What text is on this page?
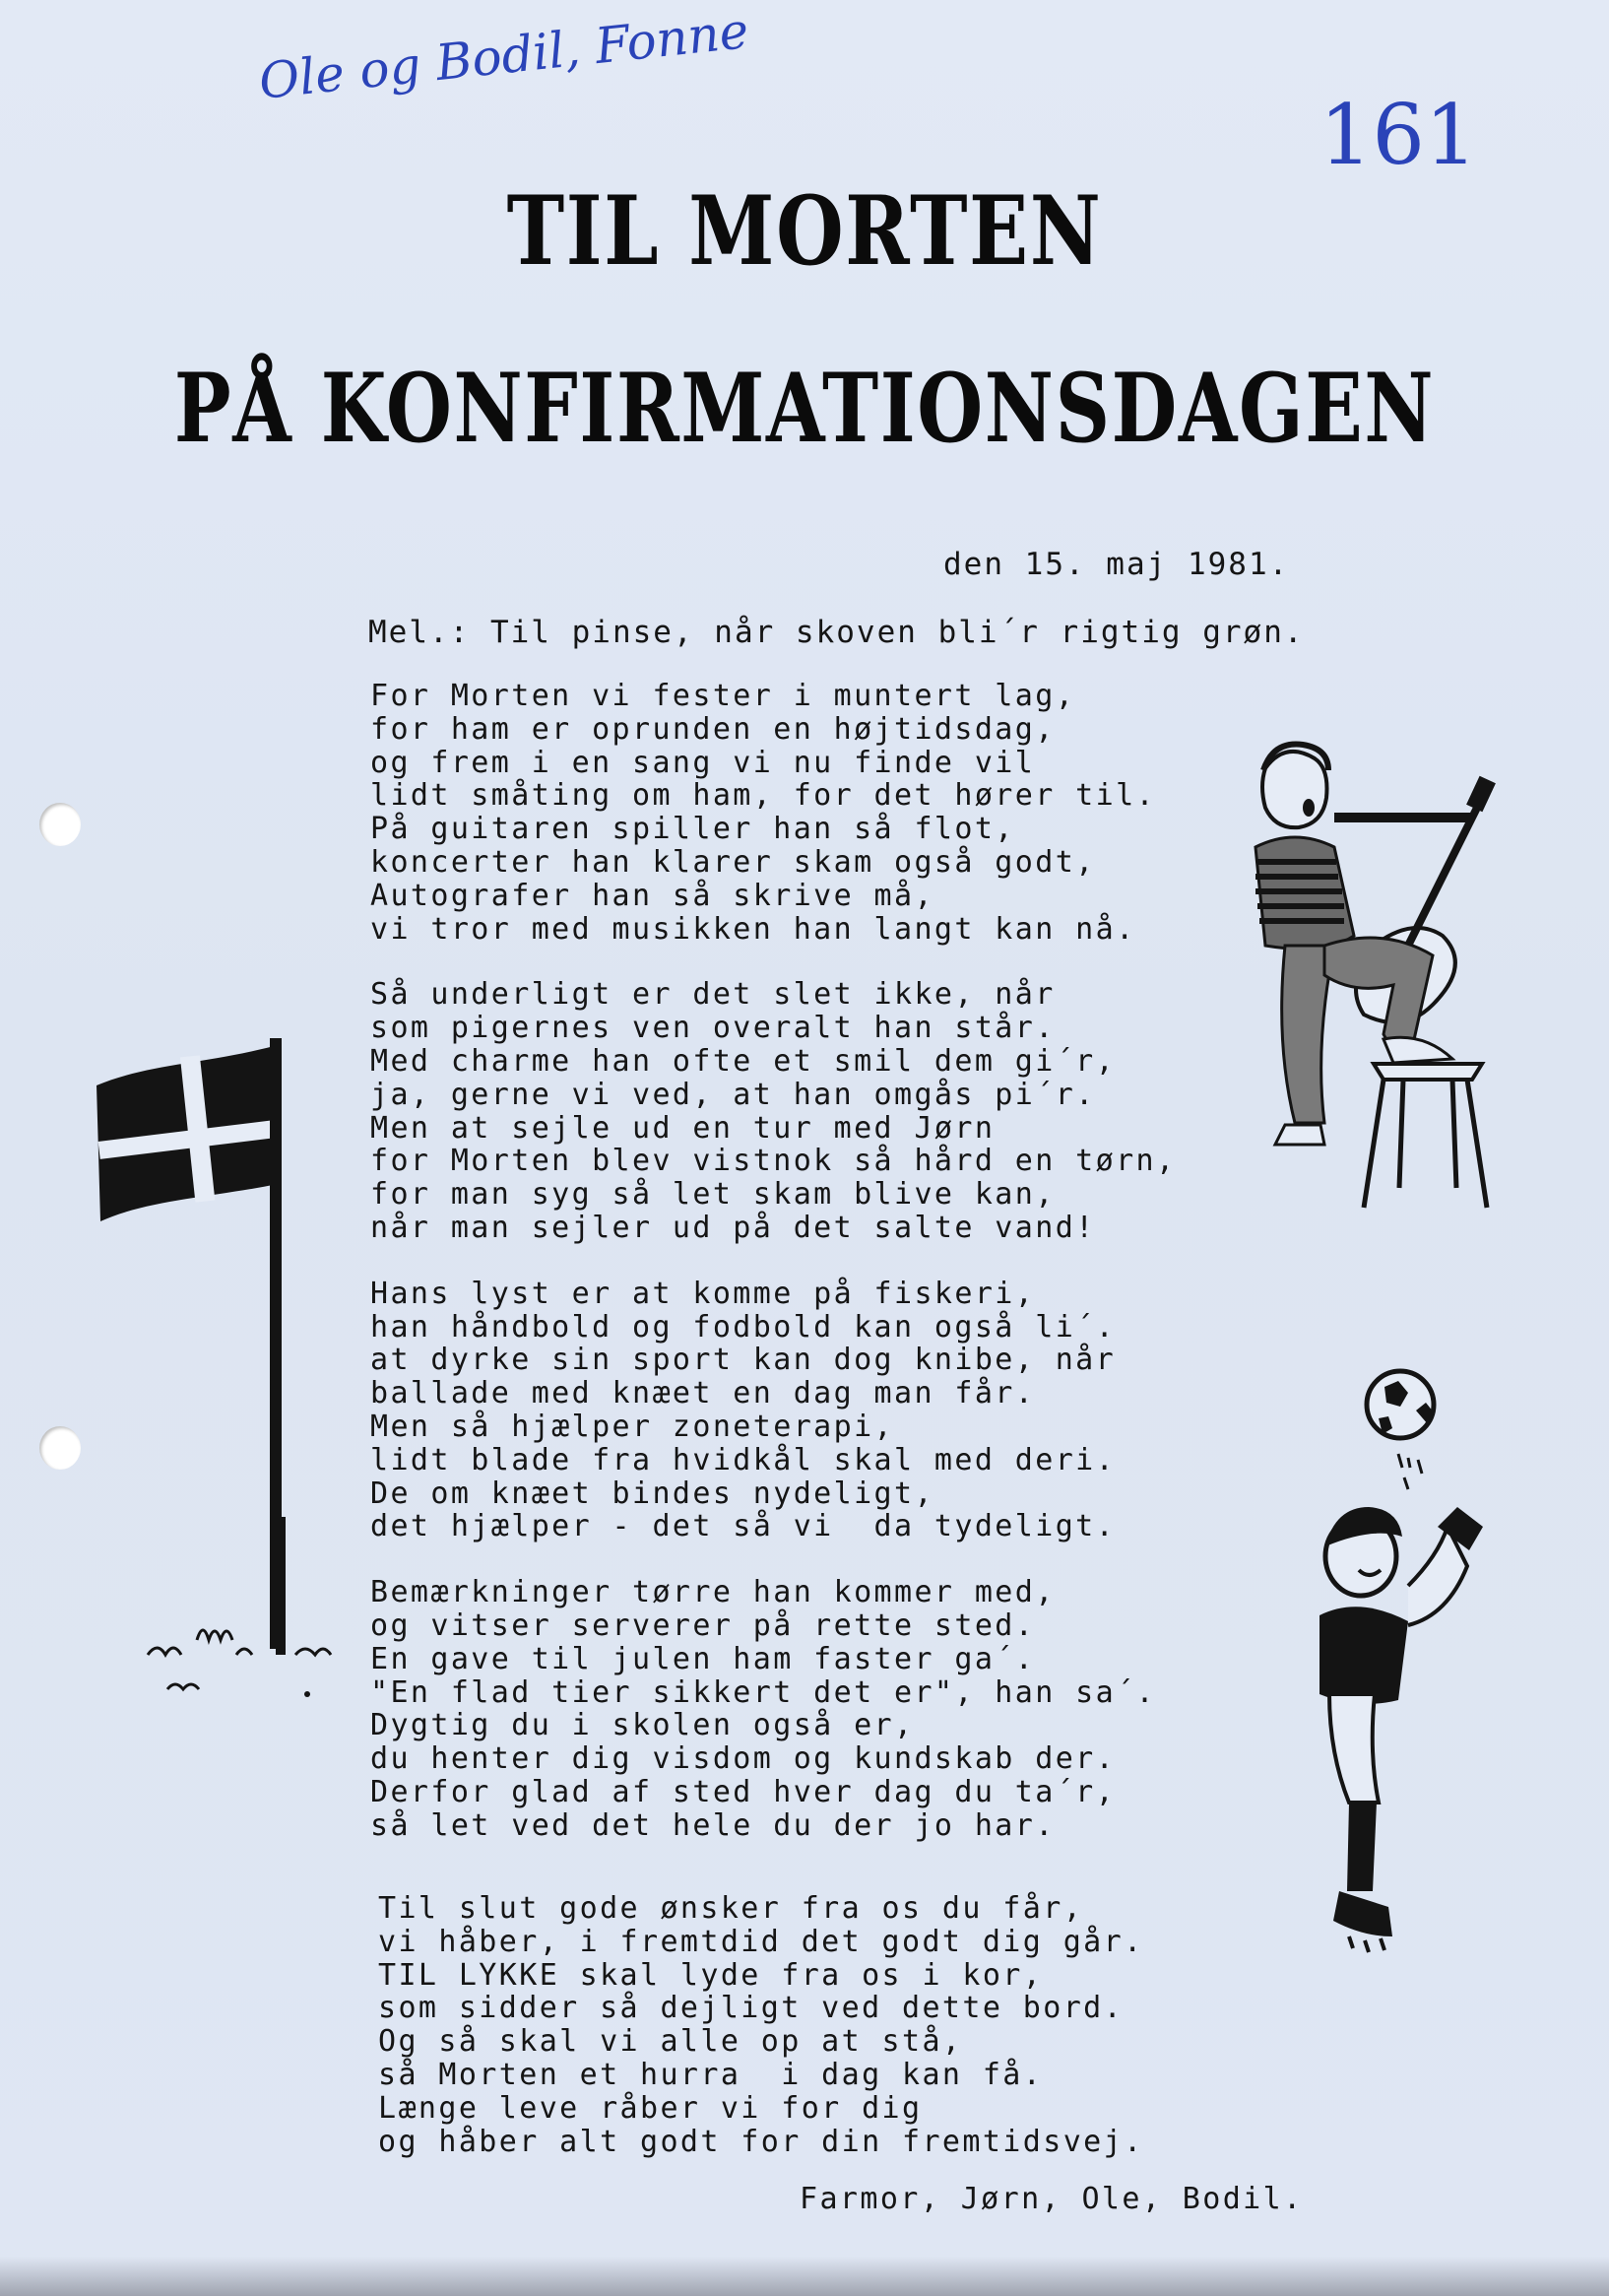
Ole og Bodil, Fonne
161
TIL MORTEN
PÅ KONFIRMATIONSDAGEN
den 15. maj 1981.
Mel.: Til pinse, når skoven bli´r rigtig grøn.
For Morten vi fester i muntert lag,
for ham er oprunden en højtidsdag,
og frem i en sang vi nu finde vil
lidt småting om ham, for det hører til.
På guitaren spiller han så flot,
koncerter han klarer skam også godt,
Autografer han så skrive må,
vi tror med musikken han langt kan nå.
Så underligt er det slet ikke, når
som pigernes ven overalt han står.
Med charme han ofte et smil dem gi´r,
ja, gerne vi ved, at han omgås pi´r.
Men at sejle ud en tur med Jørn
for Morten blev vistnok så hård en tørn,
for man syg så let skam blive kan,
når man sejler ud på det salte vand!
Hans lyst er at komme på fiskeri,
han håndbold og fodbold kan også li´.
at dyrke sin sport kan dog knibe, når
ballade med knæet en dag man får.
Men så hjælper zoneterapi,
lidt blade fra hvidkål skal med deri.
De om knæet bindes nydeligt,
det hjælper - det så vi  da tydeligt.
Bemærkninger tørre han kommer med,
og vitser serverer på rette sted.
En gave til julen ham faster ga´.
"En flad tier sikkert det er", han sa´.
Dygtig du i skolen også er,
du henter dig visdom og kundskab der.
Derfor glad af sted hver dag du ta´r,
så let ved det hele du der jo har.
Til slut gode ønsker fra os du får,
vi håber, i fremtdid det godt dig går.
TIL LYKKE skal lyde fra os i kor,
som sidder så dejligt ved dette bord.
Og så skal vi alle op at stå,
så Morten et hurra  i dag kan få.
Længe leve råber vi for dig
og håber alt godt for din fremtidsvej.
Farmor, Jørn, Ole, Bodil.
